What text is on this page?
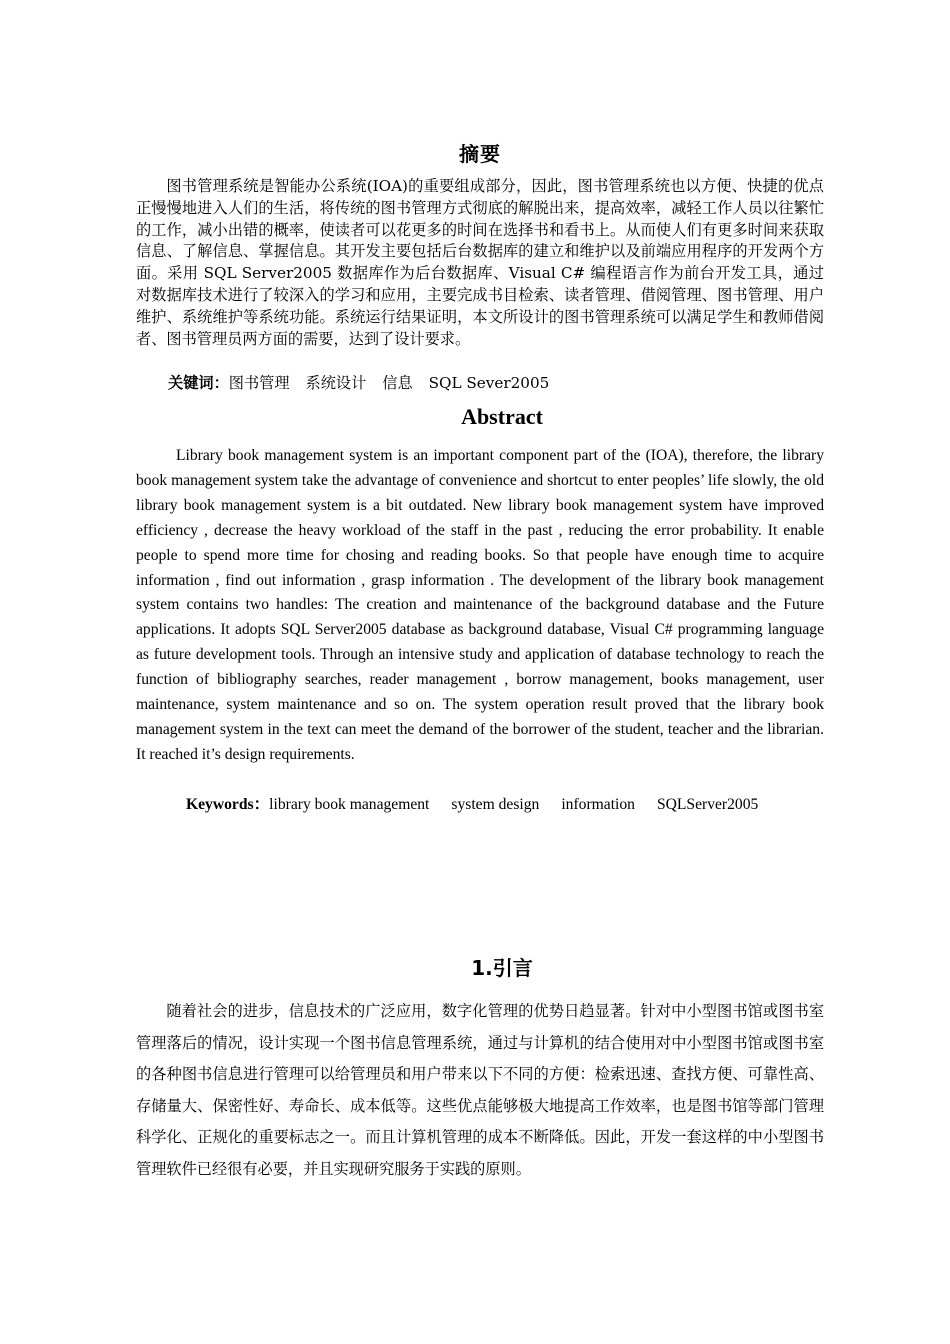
摘要

图书管理系统是智能办公系统(IOA)的重要组成部分，因此，图书管理系统也以方便、快捷的优点正慢慢地进入人们的生活，将传统的图书管理方式彻底的解脱出来，提高效率，减轻工作人员以往繁忙的工作，减小出错的概率，使读者可以花更多的时间在选择书和看书上。从而使人们有更多时间来获取信息、了解信息、掌握信息。其开发主要包括后台数据库的建立和维护以及前端应用程序的开发两个方面。采用 SQL Server2005 数据库作为后台数据库、Visual C# 编程语言作为前台开发工具，通过对数据库技术进行了较深入的学习和应用，主要完成书目检索、读者管理、借阅管理、图书管理、用户维护、系统维护等系统功能。系统运行结果证明，本文所设计的图书管理系统可以满足学生和教师借阅者、图书管理员两方面的需要，达到了设计要求。

关键词：图书管理 系统设计 信息 SQL Sever2005
Abstract

Library book management system is an important component part of the (IOA), therefore, the library book management system take the advantage of convenience and shortcut to enter peoples’ life slowly, the old library book management system is a bit outdated. New library book management system have improved efficiency , decrease the heavy workload of the staff in the past , reducing the error probability. It enable people to spend more time for chosing and reading books. So that people have enough time to acquire information , find out information , grasp information . The development of the library book management system contains two handles: The creation and maintenance of the background database and the Future applications. It adopts SQL Server2005 database as background database, Visual C# programming language as future development tools. Through an intensive study and application of database technology to reach the function of bibliography searches, reader management , borrow management, books management, user maintenance, system maintenance and so on. The system operation result proved that the library book management system in the text can meet the demand of the borrower of the student, teacher and the librarian. It reached it’s design requirements.

Keywords：library book management system design information SQLServer2005
1.引言

随着社会的进步，信息技术的广泛应用，数字化管理的优势日趋显著。针对中小型图书馆或图书室管理落后的情况，设计实现一个图书信息管理系统，通过与计算机的结合使用对中小型图书馆或图书室的各种图书信息进行管理可以给管理员和用户带来以下不同的方便：检索迅速、查找方便、可靠性高、存储量大、保密性好、寿命长、成本低等。这些优点能够极大地提高工作效率，也是图书馆等部门管理科学化、正规化的重要标志之一。而且计算机管理的成本不断降低。因此，开发一套这样的中小型图书管理软件已经很有必要，并且实现研究服务于实践的原则。
